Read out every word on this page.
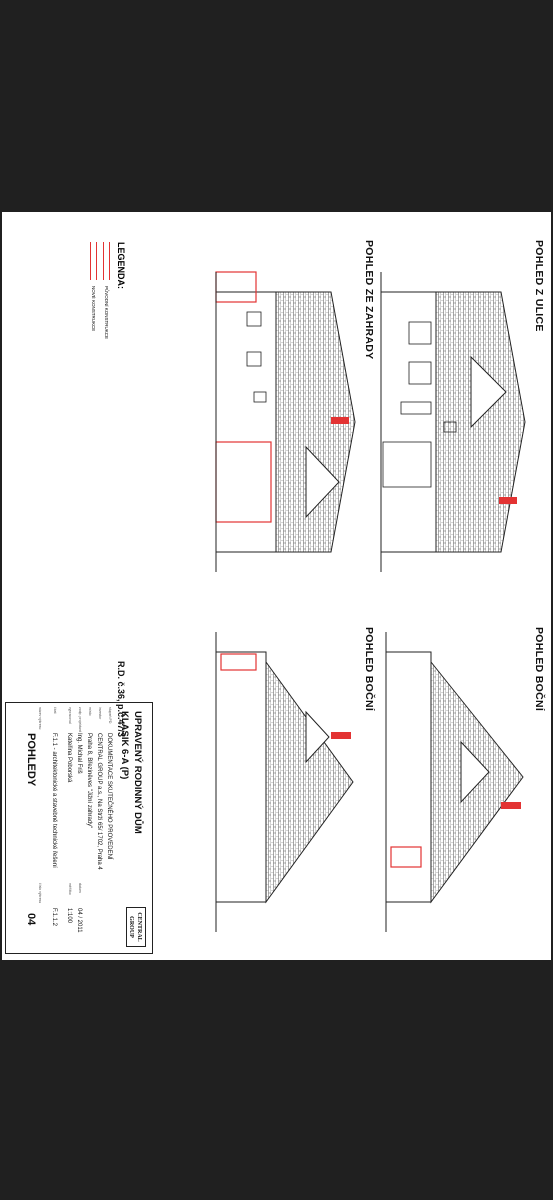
POHLED Z ULICE
POHLED ZE ZAHRADY
POHLED BOČNÍ
POHLED BOČNÍ
LEGENDA:
PŮVODNÍ KONSTRUKCE
NOVÉ KONSTRUKCE
R.D. č.36, p.č.47/3
UPRAVENÝ RODINNÝ DŮM
KLASIK 6-A (P)
CENTRAL
GROUP
stupeň PD
DOKUMENTACE SKUTEČNÉHO PROVEDENÍ
investor
CENTRAL GROUP a.s., Na Strži 65/ 1702, Praha 4
místo
Praha 8, Březiněves "Jižní zahrady"
zodp. projektant
Ing. Michal Friš
vypracoval
Kateřina Poborská
datum
04 / 2011
měřítko
1:100
část
F.1.1 - architektonické a stavebně technické řešení
F.1.1.2
název výkresu
POHLEDY
číslo výkresu
04
